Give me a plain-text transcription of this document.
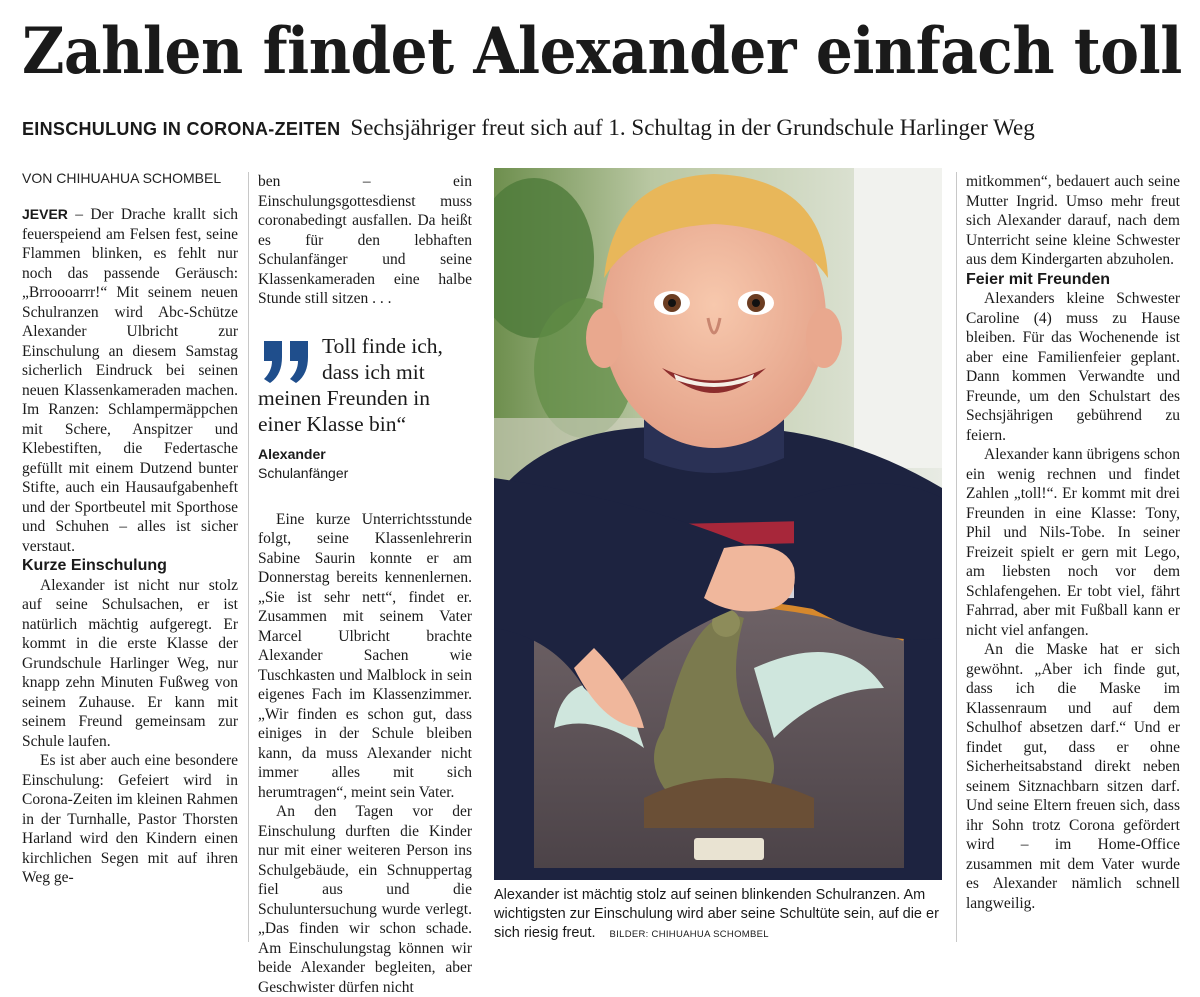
Zahlen findet Alexander einfach toll
EINSCHULUNG IN CORONA-ZEITEN Sechsjähriger freut sich auf 1. Schultag in der Grundschule Harlinger Weg
VON CHIHUAHUA SCHOMBEL

JEVER – Der Drache krallt sich feuerspeiend am Felsen fest, seine Flammen blinken, es fehlt nur noch das passende Geräusch: „Brroooarrr!“ Mit seinem neuen Schulranzen wird Abc-Schütze Alexander Ulbricht zur Einschulung an diesem Samstag sicherlich Eindruck bei seinen neuen Klassenkameraden machen. Im Ranzen: Schlampermäppchen mit Schere, Anspitzer und Klebestiften, die Federtasche gefüllt mit einem Dutzend bunter Stifte, auch ein Hausaufgabenheft und der Sportbeutel mit Sporthose und Schuhen – alles ist sicher verstaut.

Kurze Einschulung

Alexander ist nicht nur stolz auf seine Schulsachen, er ist natürlich mächtig aufgeregt. Er kommt in die erste Klasse der Grundschule Harlinger Weg, nur knapp zehn Minuten Fußweg von seinem Zuhause. Er kann mit seinem Freund gemeinsam zur Schule laufen.

Es ist aber auch eine besondere Einschulung: Gefeiert wird in Corona-Zeiten im kleinen Rahmen in der Turnhalle, Pastor Thorsten Harland wird den Kindern einen kirchlichen Segen mit auf ihren Weg ge-

ben – ein Einschulungsgottesdienst muss coronabedingt ausfallen. Da heißt es für den lebhaften Schulanfänger und seine Klassenkameraden eine halbe Stunde still sitzen . . .

Toll finde ich, dass ich mit meinen Freunden in einer Klasse bin“
Alexander
Schulanfänger

Eine kurze Unterrichtsstunde folgt, seine Klassenlehrerin Sabine Saurin konnte er am Donnerstag bereits kennenlernen. „Sie ist sehr nett“, findet er. Zusammen mit seinem Vater Marcel Ulbricht brachte Alexander Sachen wie Tuschkasten und Malblock in sein eigenes Fach im Klassenzimmer. „Wir finden es schon gut, dass einiges in der Schule bleiben kann, da muss Alexander nicht immer alles mit sich herumtragen“, meint sein Vater.

An den Tagen vor der Einschulung durften die Kinder nur mit einer weiteren Person ins Schulgebäude, ein Schnuppertag fiel aus und die Schuluntersuchung wurde verlegt. „Das finden wir schon schade. Am Einschulungstag können wir beide Alexander begleiten, aber Geschwister dürfen nicht

Alexander ist mächtig stolz auf seinen blinkenden Schulranzen. Am wichtigsten zur Einschulung wird aber seine Schultüte sein, auf die er sich riesig freut. BILDER: CHIHUAHUA SCHOMBEL

mitkommen“, bedauert auch seine Mutter Ingrid. Umso mehr freut sich Alexander darauf, nach dem Unterricht seine kleine Schwester aus dem Kindergarten abzuholen.

Feier mit Freunden

Alexanders kleine Schwester Caroline (4) muss zu Hause bleiben. Für das Wochenende ist aber eine Familienfeier geplant. Dann kommen Verwandte und Freunde, um den Schulstart des Sechsjährigen gebührend zu feiern.

Alexander kann übrigens schon ein wenig rechnen und findet Zahlen „toll!“. Er kommt mit drei Freunden in eine Klasse: Tony, Phil und Nils-Tobe. In seiner Freizeit spielt er gern mit Lego, am liebsten noch vor dem Schlafengehen. Er tobt viel, fährt Fahrrad, aber mit Fußball kann er nicht viel anfangen.

An die Maske hat er sich gewöhnt. „Aber ich finde gut, dass ich die Maske im Klassenraum und auf dem Schulhof absetzen darf.“ Und er findet gut, dass er ohne Sicherheitsabstand direkt neben seinem Sitznachbarn sitzen darf. Und seine Eltern freuen sich, dass ihr Sohn trotz Corona gefördert wird – im Home-Office zusammen mit dem Vater wurde es Alexander nämlich schnell langweilig.
